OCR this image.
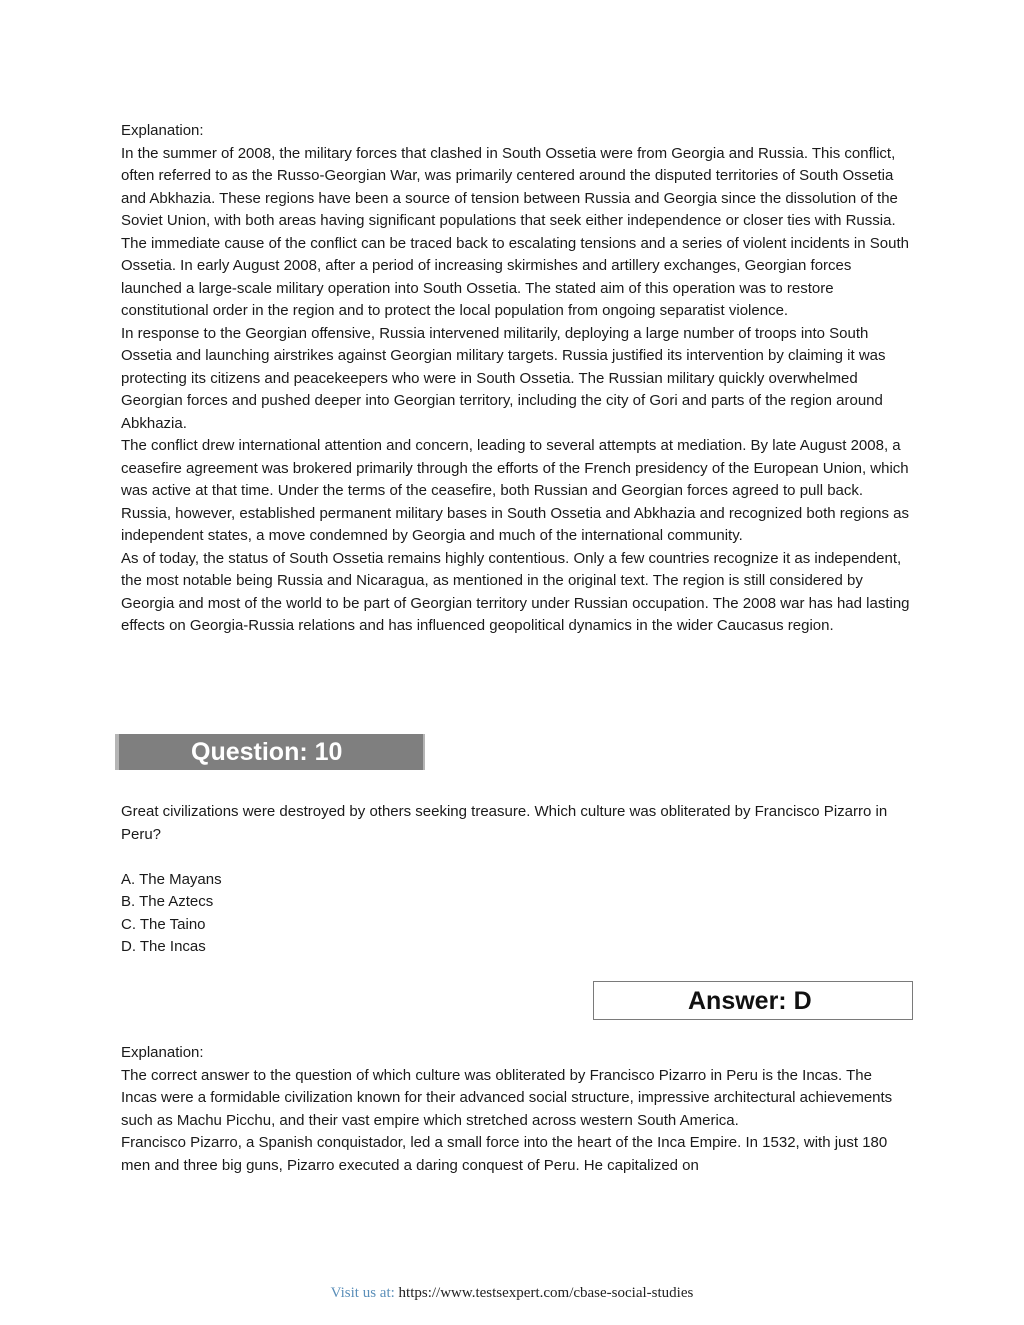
Explanation:

In the summer of 2008, the military forces that clashed in South Ossetia were from Georgia and Russia. This conflict, often referred to as the Russo-Georgian War, was primarily centered around the disputed territories of South Ossetia and Abkhazia. These regions have been a source of tension between Russia and Georgia since the dissolution of the Soviet Union, with both areas having significant populations that seek either independence or closer ties with Russia.

The immediate cause of the conflict can be traced back to escalating tensions and a series of violent incidents in South Ossetia. In early August 2008, after a period of increasing skirmishes and artillery exchanges, Georgian forces launched a large-scale military operation into South Ossetia. The stated aim of this operation was to restore constitutional order in the region and to protect the local population from ongoing separatist violence.

In response to the Georgian offensive, Russia intervened militarily, deploying a large number of troops into South Ossetia and launching airstrikes against Georgian military targets. Russia justified its intervention by claiming it was protecting its citizens and peacekeepers who were in South Ossetia. The Russian military quickly overwhelmed Georgian forces and pushed deeper into Georgian territory, including the city of Gori and parts of the region around Abkhazia.

The conflict drew international attention and concern, leading to several attempts at mediation. By late August 2008, a ceasefire agreement was brokered primarily through the efforts of the French presidency of the European Union, which was active at that time. Under the terms of the ceasefire, both Russian and Georgian forces agreed to pull back. Russia, however, established permanent military bases in South Ossetia and Abkhazia and recognized both regions as independent states, a move condemned by Georgia and much of the international community.

As of today, the status of South Ossetia remains highly contentious. Only a few countries recognize it as independent, the most notable being Russia and Nicaragua, as mentioned in the original text. The region is still considered by Georgia and most of the world to be part of Georgian territory under Russian occupation. The 2008 war has had lasting effects on Georgia-Russia relations and has influenced geopolitical dynamics in the wider Caucasus region.

Question: 10

Great civilizations were destroyed by others seeking treasure. Which culture was obliterated by Francisco Pizarro in Peru?

A. The Mayans

B. The Aztecs

C. The Taino

D. The Incas

Answer: D

Explanation:

The correct answer to the question of which culture was obliterated by Francisco Pizarro in Peru is the Incas. The Incas were a formidable civilization known for their advanced social structure, impressive architectural achievements such as Machu Picchu, and their vast empire which stretched across western South America.

Francisco Pizarro, a Spanish conquistador, led a small force into the heart of the Inca Empire. In 1532, with just 180 men and three big guns, Pizarro executed a daring conquest of Peru. He capitalized on

Visit us at: https://www.testsexpert.com/cbase-social-studies
